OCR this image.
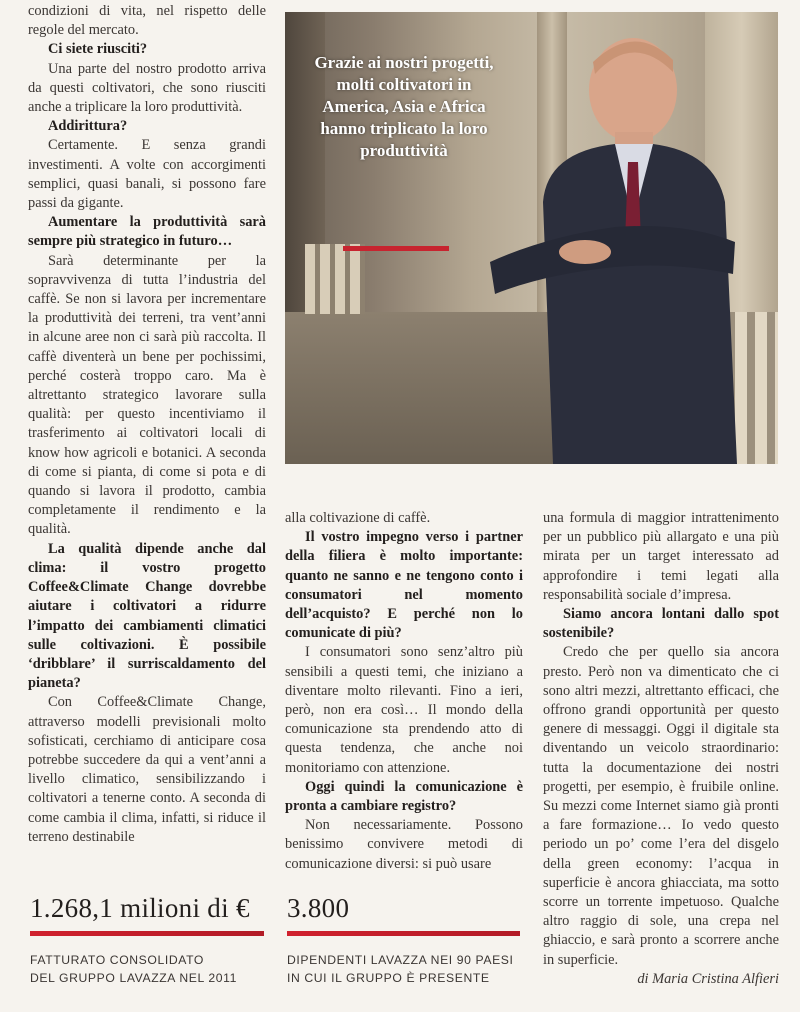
condizioni di vita, nel rispetto delle regole del mercato.

Ci siete riusciti?

Una parte del nostro prodotto arriva da questi coltivatori, che sono riusciti anche a triplicare la loro produttività.

Addirittura?

Certamente. E senza grandi investimenti. A volte con accorgimenti semplici, quasi banali, si possono fare passi da gigante.

Aumentare la produttività sarà sempre più strategico in futuro…

Sarà determinante per la sopravvivenza di tutta l’industria del caffè. Se non si lavora per incrementare la produttività dei terreni, tra vent’anni in alcune aree non ci sarà più raccolta. Il caffè diventerà un bene per pochissimi, perché costerà troppo caro. Ma è altrettanto strategico lavorare sulla qualità: per questo incentiviamo il trasferimento ai coltivatori locali di know how agricoli e botanici. A seconda di come si pianta, di come si pota e di quando si lavora il prodotto, cambia completamente il rendimento e la qualità.

La qualità dipende anche dal clima: il vostro progetto Coffee&Climate Change dovrebbe aiutare i coltivatori a ridurre l’impatto dei cambiamenti climatici sulle coltivazioni. È possibile ‘dribblare’ il surriscaldamento del pianeta?

Con Coffee&Climate Change, attraverso modelli previsionali molto sofisticati, cerchiamo di anticipare cosa potrebbe succedere da qui a vent’anni a livello climatico, sensibilizzando i coltivatori a tenerne conto. A seconda di come cambia il clima, infatti, si riduce il terreno destinabile

Grazie ai nostri progetti, molti coltivatori in America, Asia e Africa hanno triplicato la loro produttività

alla coltivazione di caffè.

Il vostro impegno verso i partner della filiera è molto importante: quanto ne sanno e ne tengono conto i consumatori nel momento dell’acquisto? E perché non lo comunicate di più?

I consumatori sono senz’altro più sensibili a questi temi, che iniziano a diventare molto rilevanti. Fino a ieri, però, non era così… Il mondo della comunicazione sta prendendo atto di questa tendenza, che anche noi monitoriamo con attenzione.

Oggi quindi la comunicazione è pronta a cambiare registro?

Non necessariamente. Possono benissimo convivere metodi di comunicazione diversi: si può usare

una formula di maggior intrattenimento per un pubblico più allargato e una più mirata per un target interessato ad approfondire i temi legati alla responsabilità sociale d’impresa.

Siamo ancora lontani dallo spot sostenibile?

Credo che per quello sia ancora presto. Però non va dimenticato che ci sono altri mezzi, altrettanto efficaci, che offrono grandi opportunità per questo genere di messaggi. Oggi il digitale sta diventando un veicolo straordinario: tutta la documentazione dei nostri progetti, per esempio, è fruibile online. Su mezzi come Internet siamo già pronti a fare formazione… Io vedo questo periodo un po’ come l’era del disgelo della green economy: l’acqua in superficie è ancora ghiacciata, ma sotto scorre un torrente impetuoso. Qualche altro raggio di sole, una crepa nel ghiaccio, e sarà pronto a scorrere anche in superficie.

di Maria Cristina Alfieri

1.268,1 milioni di €
FATTURATO CONSOLIDATO
DEL GRUPPO LAVAZZA NEL 2011
3.800
DIPENDENTI LAVAZZA NEI 90 PAESI
IN CUI IL GRUPPO È PRESENTE
